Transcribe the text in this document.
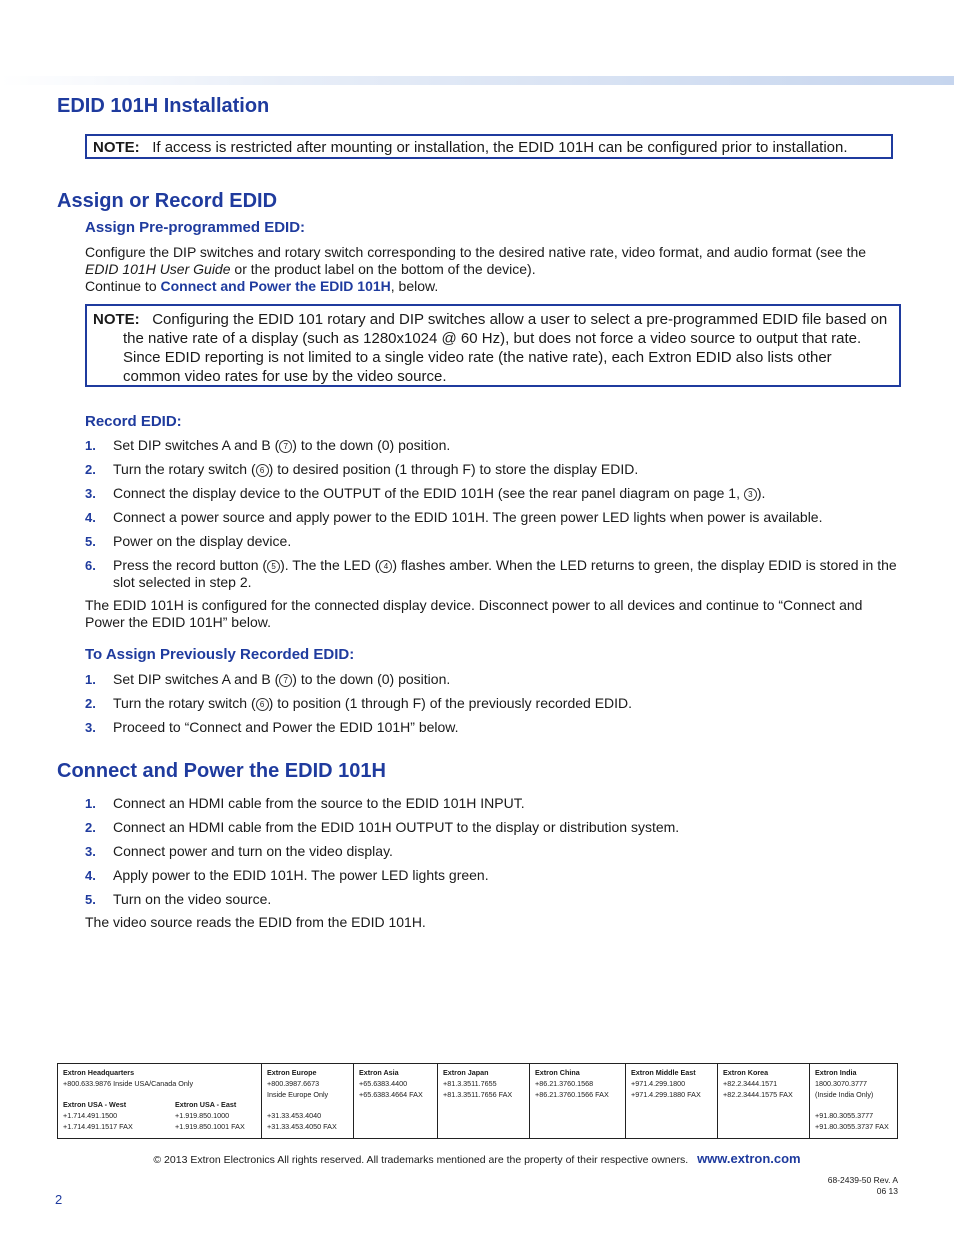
EDID 101H Installation
NOTE: If access is restricted after mounting or installation, the EDID 101H can be configured prior to installation.
Assign or Record EDID
Assign Pre-programmed EDID:

Configure the DIP switches and rotary switch corresponding to the desired native rate, video format, and audio format (see the
EDID 101H User Guide or the product label on the bottom of the device).
Continue to Connect and Power the EDID 101H, below.

NOTE: Configuring the EDID 101 rotary and DIP switches allow a user to select a pre-programmed EDID file based on the native rate of a display (such as 1280x1024 @ 60 Hz), but does not force a video source to output that rate. Since EDID reporting is not limited to a single video rate (the native rate), each Extron EDID also lists other common video rates for use by the video source.
Record EDID:
1. Set DIP switches A and B ( 7 ) to the down (0) position.
2. Turn the rotary switch ( 6 ) to desired position (1 through F) to store the display EDID.
3. Connect the display device to the OUTPUT of the EDID 101H (see the rear panel diagram on page 1, 3 ).
4. Connect a power source and apply power to the EDID 101H. The green power LED lights when power is available.
5. Power on the display device.
6. Press the record button ( 5 ). The the LED ( 4 ) flashes amber. When the LED returns to green, the display EDID is stored in the slot selected in step 2.

The EDID 101H is configured for the connected display device. Disconnect power to all devices and continue to “Connect and Power the EDID 101H” below.

To Assign Previously Recorded EDID:
1. Set DIP switches A and B ( 7 ) to the down (0) position.
2. Turn the rotary switch ( 6 ) to position (1 through F) of the previously recorded EDID.
3. Proceed to “Connect and Power the EDID 101H” below.
Connect and Power the EDID 101H
1. Connect an HDMI cable from the source to the EDID 101H INPUT.
2. Connect an HDMI cable from the EDID 101H OUTPUT to the display or distribution system.
3. Connect power and turn on the video display.
4. Apply power to the EDID 101H. The power LED lights green.
5. Turn on the video source.

The video source reads the EDID from the EDID 101H.

Extron Headquarters
+800.633.9876 Inside USA/Canada Only
Extron USA - West
+1.714.491.1500
+1.714.491.1517 FAX
Extron USA - East
+1.919.850.1000
+1.919.850.1001 FAX

Extron Europe
+800.3987.6673
Inside Europe Only
+31.33.453.4040
+31.33.453.4050 FAX

Extron Asia
+65.6383.4400
+65.6383.4664 FAX

Extron Japan
+81.3.3511.7655
+81.3.3511.7656 FAX

Extron China
+86.21.3760.1568
+86.21.3760.1566 FAX

Extron Middle East
+971.4.299.1800
+971.4.299.1880 FAX

Extron Korea
+82.2.3444.1571
+82.2.3444.1575 FAX

Extron India
1800.3070.3777
(Inside India Only)
+91.80.3055.3777
+91.80.3055.3737 FAX
© 2013 Extron Electronics All rights reserved. All trademarks mentioned are the property of their respective owners. www.extron.com
2
68-2439-50 Rev. A
06 13
